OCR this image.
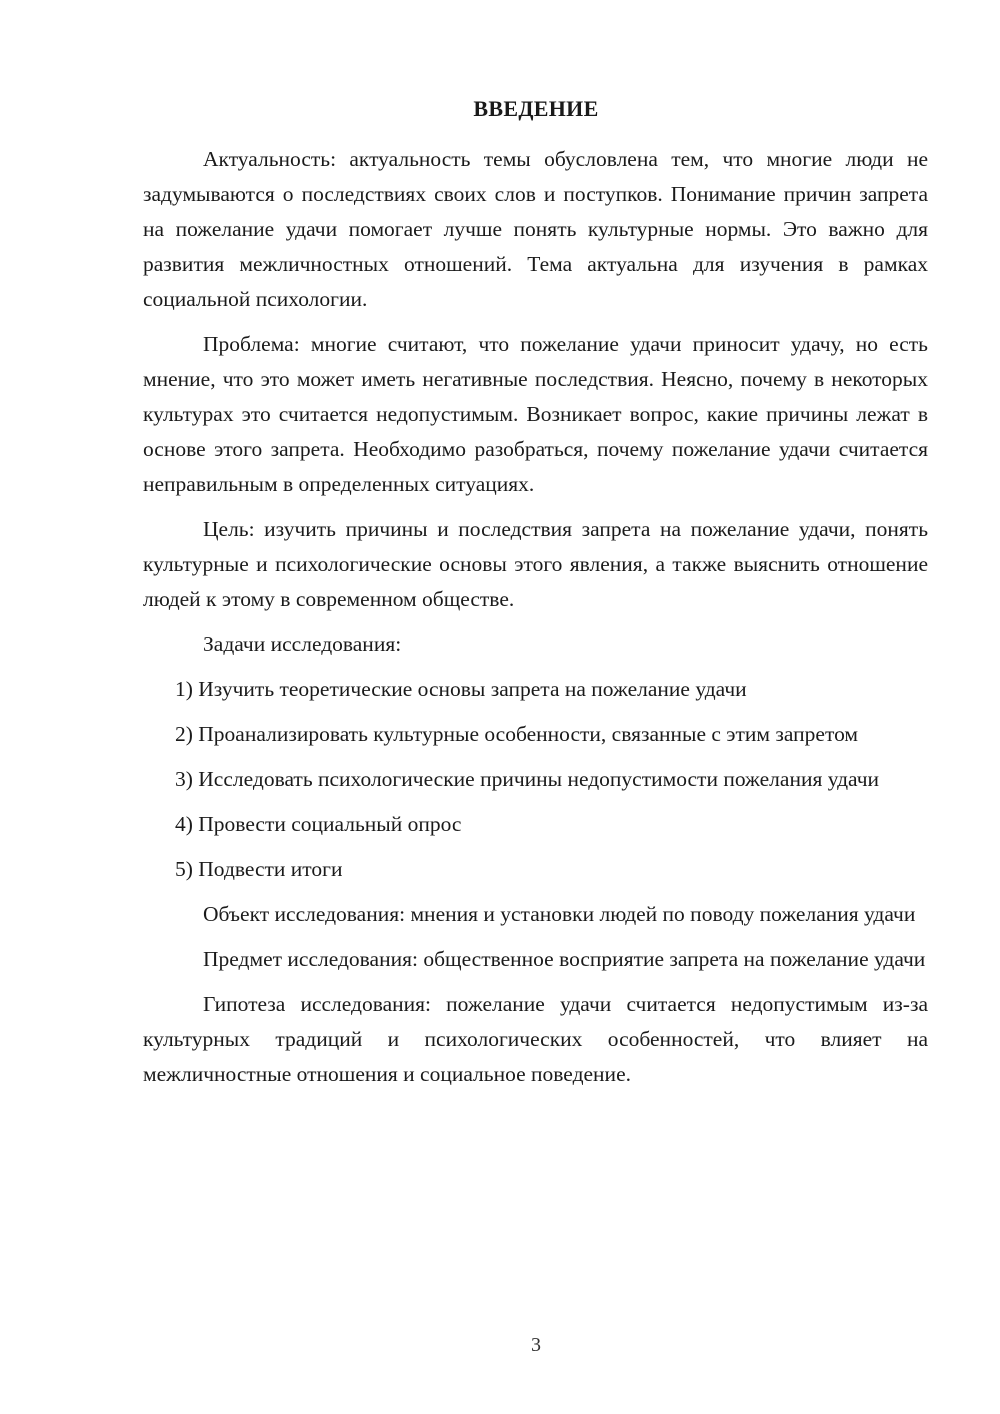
ВВЕДЕНИЕ

Актуальность: актуальность темы обусловлена тем, что многие люди не задумываются о последствиях своих слов и поступков. Понимание причин запрета на пожелание удачи помогает лучше понять культурные нормы. Это важно для развития межличностных отношений. Тема актуальна для изучения в рамках социальной психологии.

Проблема: многие считают, что пожелание удачи приносит удачу, но есть мнение, что это может иметь негативные последствия. Неясно, почему в некоторых культурах это считается недопустимым. Возникает вопрос, какие причины лежат в основе этого запрета. Необходимо разобраться, почему пожелание удачи считается неправильным в определенных ситуациях.

Цель: изучить причины и последствия запрета на пожелание удачи, понять культурные и психологические основы этого явления, а также выяснить отношение людей к этому в современном обществе.

Задачи исследования:

1) Изучить теоретические основы запрета на пожелание удачи

2) Проанализировать культурные особенности, связанные с этим запретом

3) Исследовать психологические причины недопустимости пожелания удачи

4) Провести социальный опрос

5) Подвести итоги

Объект исследования: мнения и установки людей по поводу пожелания удачи

Предмет исследования: общественное восприятие запрета на пожелание удачи

Гипотеза исследования: пожелание удачи считается недопустимым из-за культурных традиций и психологических особенностей, что влияет на межличностные отношения и социальное поведение.

3
